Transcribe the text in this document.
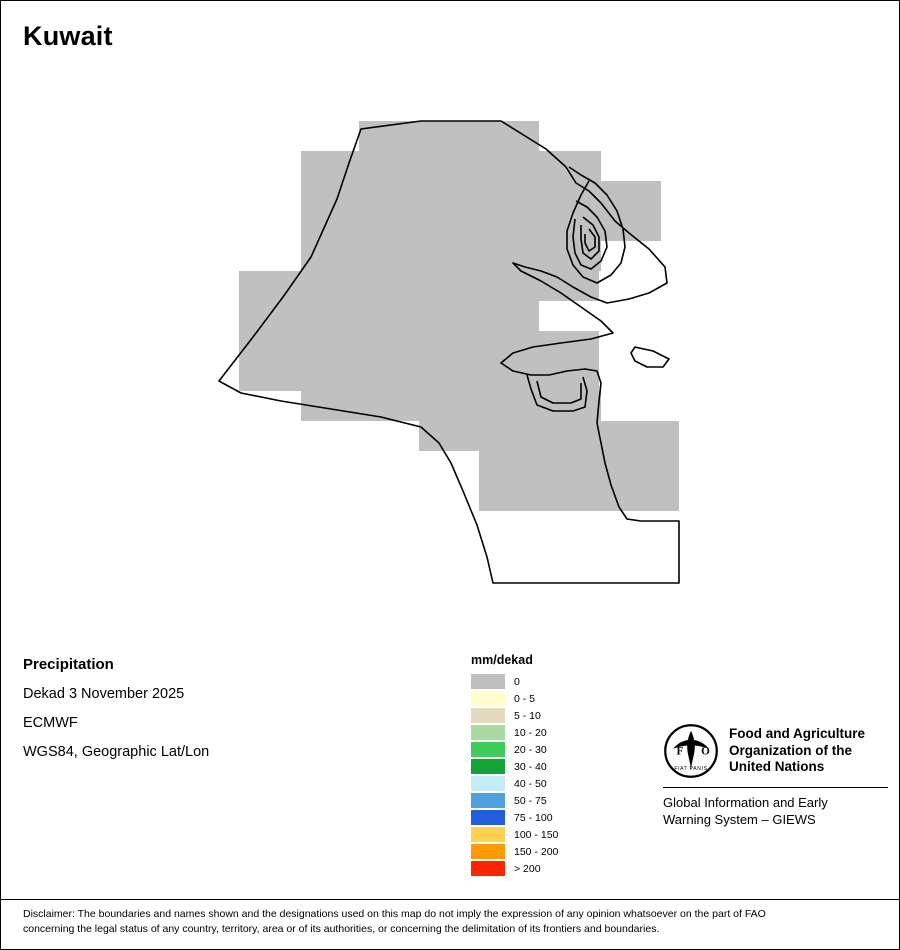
Kuwait
Precipitation
Dekad 3 November 2025
ECMWF
WGS84, Geographic Lat/Lon
mm/dekad
0
0 - 5
5 - 10
10 - 20
20 - 30
30 - 40
40 - 50
50 - 75
75 - 100
100 - 150
150 - 200
> 200
F O
FIAT PANIS
Food and Agriculture
Organization of the
United Nations
Global Information and Early
Warning System – GIEWS
Disclaimer: The boundaries and names shown and the designations used on this map do not imply the expression of any opinion whatsoever on the part of FAO
concerning the legal status of any country, territory, area or of its authorities, or concerning the delimitation of its frontiers and boundaries.
